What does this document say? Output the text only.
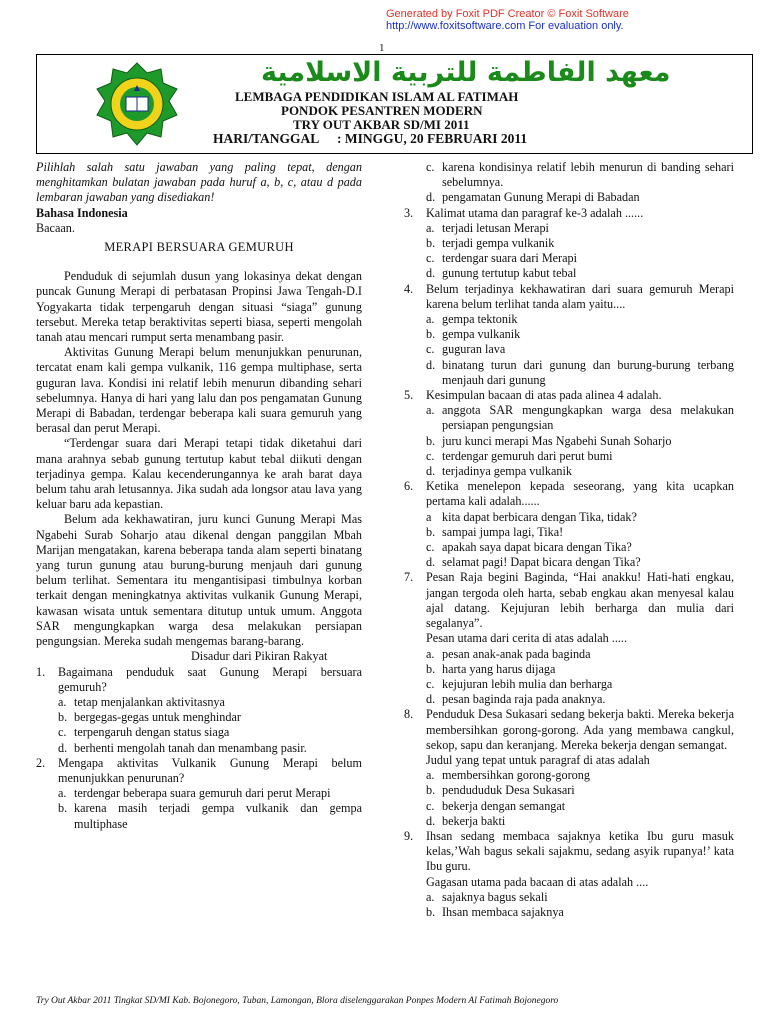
Generated by Foxit PDF Creator © Foxit Software
http://www.foxitsoftware.com For evaluation only.
1
معهد الفاطمة للتربية الاسلامية
LEMBAGA PENDIDIKAN ISLAM AL FATIMAH
PONDOK PESANTREN MODERN
TRY OUT AKBAR SD/MI 2011
HARI/TANGGAL : MINGGU, 20 FEBRUARI 2011

Pilihlah salah satu jawaban yang paling tepat, dengan menghitamkan bulatan jawaban pada huruf a, b, c, atau d pada lembaran jawaban yang disediakan!

Bahasa Indonesia

Bacaan.

MERAPI BERSUARA GEMURUH

Penduduk di sejumlah dusun yang lokasinya dekat dengan puncak Gunung Merapi di perbatasan Propinsi Jawa Tengah-D.I Yogyakarta tidak terpengaruh dengan situasi “siaga” gunung tersebut. Mereka tetap beraktivitas seperti biasa, seperti mengolah tanah atau mencari rumput serta menambang pasir.

Aktivitas Gunung Merapi belum menunjukkan penurunan, tercatat enam kali gempa vulkanik, 116 gempa multiphase, serta guguran lava. Kondisi ini relatif lebih menurun dibanding sehari sebelumnya. Hanya di hari yang lalu dan pos pengamatan Gunung Merapi di Babadan, terdengar beberapa kali suara gemuruh yang berasal dan perut Merapi.

“Terdengar suara dari Merapi tetapi tidak diketahui dari mana arahnya sebab gunung tertutup kabut tebal diikuti dengan terjadinya gempa. Kalau kecenderungannya ke arah barat daya belum tahu arah letusannya. Jika sudah ada longsor atau lava yang keluar baru ada kepastian.

Belum ada kekhawatiran, juru kunci Gunung Merapi Mas Ngabehi Surab Soharjo atau dikenal dengan panggilan Mbah Marijan mengatakan, karena beberapa tanda alam seperti binatang yang turun gunung atau burung-burung menjauh dari gunung belum terlihat. Sementara itu mengantisipasi timbulnya korban terkait dengan meningkatnya aktivitas vulkanik Gunung Merapi, kawasan wisata untuk sementara ditutup untuk umum. Anggota SAR mengungkapkan warga desa melakukan persiapan pengungsian. Mereka sudah mengemas barang-barang.

Disadur dari Pikiran Rakyat

1.	Bagaimana penduduk saat Gunung Merapi bersuara gemuruh?
a. tetap menjalankan aktivitasnya
b. bergegas-gegas untuk menghindar
c. terpengaruh dengan status siaga
d. berhenti mengolah tanah dan menambang pasir.
2.	Mengapa aktivitas Vulkanik Gunung Merapi belum menunjukkan penurunan?
a. terdengar beberapa suara gemuruh dari perut Merapi
b. karena masih terjadi gempa vulkanik dan gempa multiphase
c. karena kondisinya relatif lebih menurun di banding sehari sebelumnya.
d. pengamatan Gunung Merapi di Babadan
3.	Kalimat utama dan paragraf ke-3 adalah ......
a. terjadi letusan Merapi
b. terjadi gempa vulkanik
c. terdengar suara dari Merapi
d. gunung tertutup kabut tebal
4.	Belum terjadinya kekhawatiran dari suara gemuruh Merapi karena belum terlihat tanda alam yaitu....
a. gempa tektonik
b. gempa vulkanik
c. guguran lava
d. binatang turun dari gunung dan burung-burung terbang menjauh dari gunung
5.	Kesimpulan bacaan di atas pada alinea 4 adalah.
a. anggota SAR mengungkapkan warga desa melakukan persiapan pengungsian
b. juru kunci merapi Mas Ngabehi Sunah Soharjo
c. terdengar gemuruh dari perut bumi
d. terjadinya gempa vulkanik
6.	Ketika menelepon kepada seseorang, yang kita ucapkan pertama kali adalah......
a kita dapat berbicara dengan Tika, tidak?
b. sampai jumpa lagi, Tika!
c. apakah saya dapat bicara dengan Tika?
d. selamat pagi! Dapat bicara dengan Tika?
7.	Pesan Raja begini Baginda, “Hai anakku! Hati-hati engkau, jangan tergoda oleh harta, sebab engkau akan menyesal kalau ajal datang. Kejujuran lebih berharga dan mulia dari segalanya”.
Pesan utama dari cerita di atas adalah .....
a. pesan anak-anak pada baginda
b. harta yang harus dijaga
c. kejujuran lebih mulia dan berharga
d. pesan baginda raja pada anaknya.
8.	Penduduk Desa Sukasari sedang bekerja bakti. Mereka bekerja membersihkan gorong-gorong. Ada yang membawa cangkul, sekop, sapu dan keranjang. Mereka bekerja dengan semangat.
Judul yang tepat untuk paragraf di atas adalah
a. membersihkan gorong-gorong
b. pendududuk Desa Sukasari
c. bekerja dengan semangat
d. bekerja bakti
9.	Ihsan sedang membaca sajaknya ketika Ibu guru masuk kelas,’Wah bagus sekali sajakmu, sedang asyik rupanya!’ kata Ibu guru.
Gagasan utama pada bacaan di atas adalah ....
a. sajaknya bagus sekali
b. Ihsan membaca sajaknya
Try Out Akbar 2011 Tingkat SD/MI Kab. Bojonegoro, Tuban, Lamongan, Blora diselenggarakan Ponpes Modern Al Fatimah Bojonegoro
